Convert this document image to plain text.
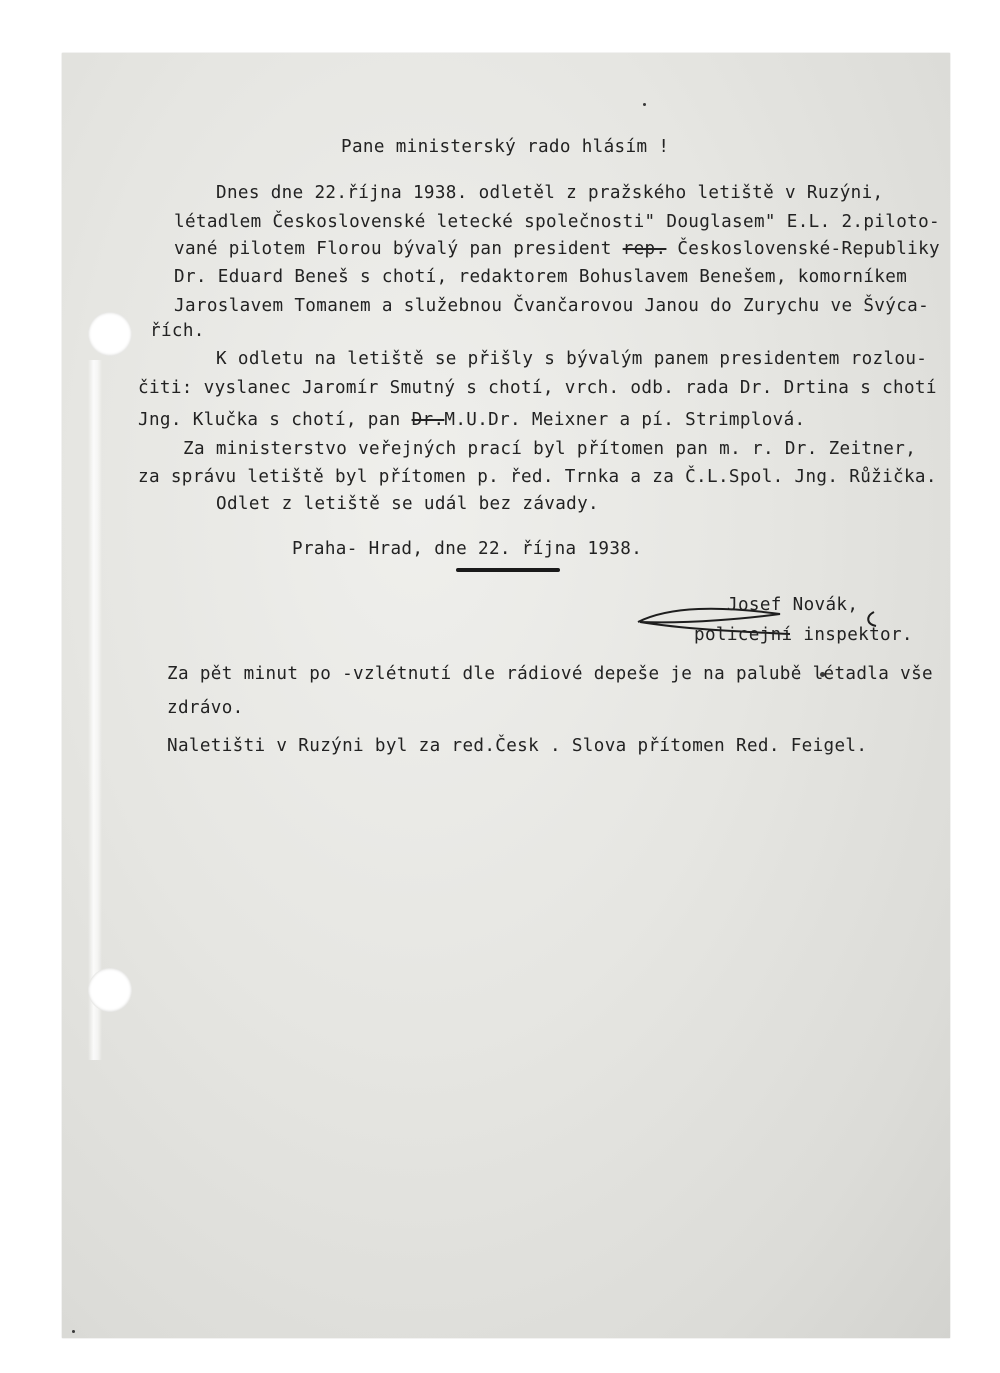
Pane ministerský rado hlásím !

Dnes dne 22.října 1938. odletěl z pražského letiště v Ruzýni,

létadlem Československé letecké společnosti" Douglasem" E.L. 2.piloto-

vané pilotem Florou bývalý pan president rep. Československé-Republiky

Dr. Eduard Beneš s chotí, redaktorem Bohuslavem Benešem, komorníkem

Jaroslavem Tomanem a služebnou Čvančarovou Janou do Zurychu ve Švýca-

řích.

K odletu na letiště se přišly s bývalým panem presidentem rozlou-

čiti: vyslanec Jaromír Smutný s chotí, vrch. odb. rada Dr. Drtina s chotí

Jng. Klučka s chotí, pan Dr.M.U.Dr. Meixner a pí. Strimplová.

Za ministerstvo veřejných prací byl přítomen pan m. r. Dr. Zeitner,

za správu letiště byl přítomen p. řed. Trnka a za Č.L.Spol. Jng. Růžička.

Odlet z letiště se udál bez závady.

Praha- Hrad, dne 22. října 1938.

Josef Novák,

policejní inspektor.

Za pět minut po -vzlétnutí dle rádiové depeše je na palubě létadla vše

zdrávo.

Naletišti v Ruzýni byl za red.Česk . Slova přítomen Red. Feigel.
